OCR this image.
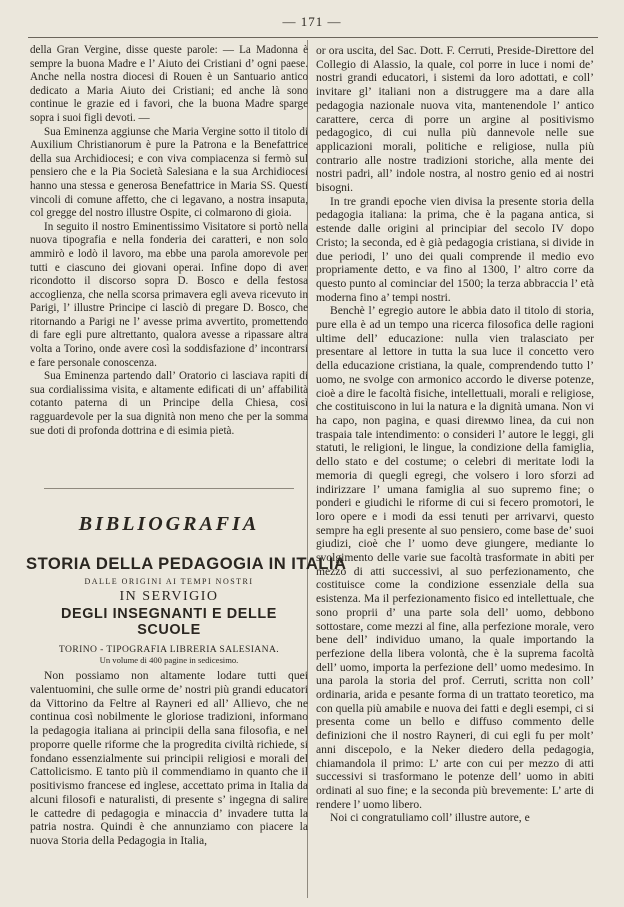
— 171 —

della Gran Vergine, disse queste parole: — La Madonna è sempre la buona Madre e l’ Aiuto dei Cristiani d’ ogni paese. Anche nella nostra diocesi di Rouen è un Santuario antico dedicato a Maria Aiuto dei Cristiani; ed anche là sono continue le grazie ed i favori, che la buona Madre sparge sopra i suoi figli devoti. —

Sua Eminenza aggiunse che Maria Vergine sotto il titolo di Auxilium Christianorum è pure la Patrona e la Benefattrice della sua Archidiocesi; e con viva compiacenza si fermò sul pensiero che e la Pia Società Salesiana e la sua Archidiocesi hanno una stessa e generosa Benefattrice in Maria SS. Questi vincoli di comune affetto, che ci legavano, a nostra insaputa, col gregge del nostro illustre Ospite, ci colmarono di gioia.

In seguito il nostro Eminentissimo Visitatore si portò nella nuova tipografia e nella fonderia dei caratteri, e non solo ammirò e lodò il lavoro, ma ebbe una parola amorevole per tutti e ciascuno dei giovani operai. Infine dopo di aver ricondotto il discorso sopra D. Bosco e della festosa accoglienza, che nella scorsa primavera egli aveva ricevuto in Parigi, l’ illustre Principe ci lasciò di pregare D. Bosco, che ritornando a Parigi ne l’ avesse prima avvertito, promettendo di fare egli pure altrettanto, qualora avesse a ripassare altra volta a Torino, onde avere così la soddisfazione d’ incontrarsi e fare personale conoscenza.

Sua Eminenza partendo dall’ Oratorio ci lasciava rapiti di sua cordialissima visita, e altamente edificati di un’ affabilità cotanto paterna di un Principe della Chiesa, così ragguardevole per la sua dignità non meno che per la somma sue doti di profonda dottrina e di esimia pietà.

BIBLIOGRAFIA
STORIA DELLA PEDAGOGIA IN ITALIA
DALLE ORIGINI AI TEMPI NOSTRI
IN SERVIGIO
DEGLI INSEGNANTI E DELLE SCUOLE
TORINO - TIPOGRAFIA LIBRERIA SALESIANA.
Un volume di 400 pagine in sedicesimo.

Non possiamo non altamente lodare tutti quei valentuomini, che sulle orme de’ nostri più grandi educatori da Vittorino da Feltre al Rayneri ed all’ Allievo, che ne continua così nobilmente le gloriose tradizioni, informano la pedagogia italiana ai principii della sana filosofia, e nel proporre quelle riforme che la progredita civiltà richiede, si fondano essenzialmente sui principii religiosi e morali del Cattolicismo. E tanto più il commendiamo in quanto che il positivismo francese ed inglese, accettato prima in Italia da alcuni filosofi e naturalisti, di presente s’ ingegna di salire le cattedre di pedagogia e minaccia d’ invadere tutta la patria nostra. Quindi è che annunziamo con piacere la nuova Storia della Pedagogia in Italia,

or ora uscita, del Sac. Dott. F. Cerruti, Preside-Direttore del Collegio di Alassio, la quale, col porre in luce i nomi de’ nostri grandi educatori, i sistemi da loro adottati, e coll’ invitare gl’ italiani non a distruggere ma a dare alla pedagogia nazionale nuova vita, mantenendole l’ antico carattere, cerca di porre un argine al positivismo pedagogico, di cui nulla più dannevole nelle sue applicazioni morali, politiche e religiose, nulla più contrario alle nostre tradizioni storiche, alla mente dei nostri padri, all’ indole nostra, al nostro genio ed ai nostri bisogni.

In tre grandi epoche vien divisa la presente storia della pedagogia italiana: la prima, che è la pagana antica, si estende dalle origini al principiar del secolo IV dopo Cristo; la seconda, ed è già pedagogia cristiana, si divide in due periodi, l’ uno dei quali comprende il medio evo propriamente detto, e va fino al 1300, l’ altro corre da questo punto al cominciar del 1500; la terza abbraccia l’ età moderna fino a’ tempi nostri.

Benchè l’ egregio autore le abbia dato il titolo di storia, pure ella è ad un tempo una ricerca filosofica delle ragioni ultime dell’ educazione: nulla vien tralasciato per presentare al lettore in tutta la sua luce il concetto vero della educazione cristiana, la quale, comprendendo tutto l’ uomo, ne svolge con armonico accordo le diverse potenze, cioè a dire le facoltà fisiche, intellettuali, morali e religiose, che costituiscono in lui la natura e la dignità umana. Non vi ha capo, non pagina, e quasi direммo linea, da cui non traspaia tale intendimento: o consideri l’ autore le leggi, gli statuti, le religioni, le lingue, la condizione della famiglia, dello stato e del costume; o celebri di meritate lodi la memoria di quegli egregi, che volsero i loro sforzi ad indirizzare l’ umana famiglia al suo supremo fine; o ponderi e giudichi le riforme di cui si fecero promotori, le loro opere e i modi da essi tenuti per arrivarvi, questo sempre ha egli presente al suo pensiero, come base de’ suoi giudizi, cioè che l’ uomo deve giungere, mediante lo svolgimento delle varie sue facoltà trasformate in abiti per mezzo di atti successivi, al suo perfezionamento, che costituisce come la condizione essenziale della sua esistenza. Ma il perfezionamento fisico ed intellettuale, che sono proprii d’ una parte sola dell’ uomo, debbono sottostare, come mezzi al fine, alla perfezione morale, vero bene dell’ individuo umano, la quale importando la perfezione della libera volontà, che è la suprema facoltà dell’ uomo, importa la perfezione dell’ uomo medesimo. In una parola la storia del prof. Cerruti, scritta non coll’ ordinaria, arida e pesante forma di un trattato teoretico, ma con quella più amabile e nuova dei fatti e degli esempi, ci si presenta come un bello e diffuso commento delle definizioni che il nostro Rayneri, di cui egli fu per molt’ anni discepolo, e la Neker diedero della pedagogia, chiamandola il primo: L’ arte con cui per mezzo di atti successivi si trasformano le potenze dell’ uomo in abiti ordinati al suo fine; e la seconda più brevemente: L’ arte di rendere l’ uomo libero.

Noi ci congratuliamo coll’ illustre autore, e
